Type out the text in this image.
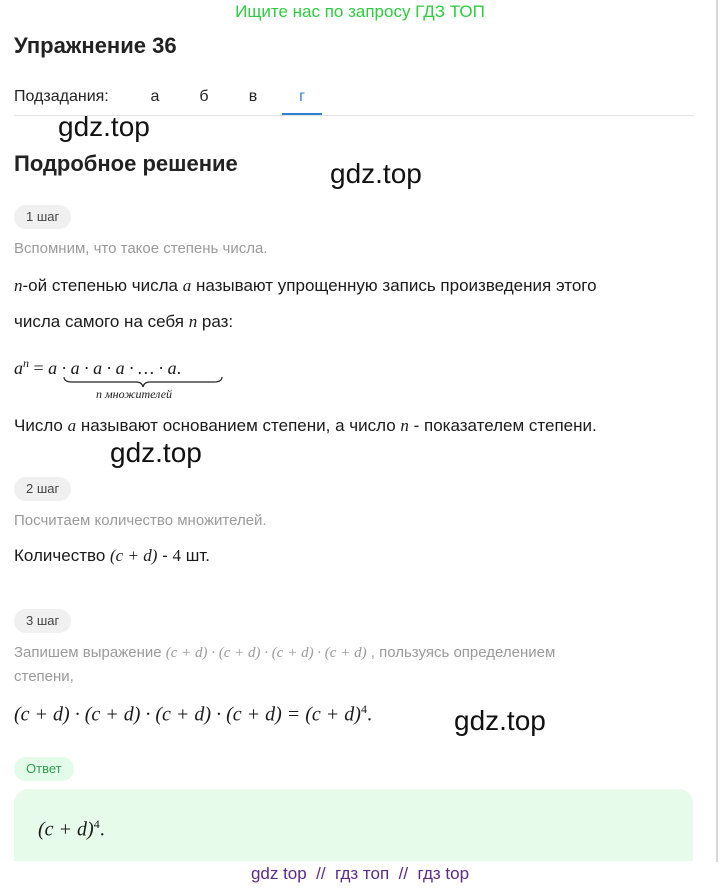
Ищите нас по запросу ГДЗ ТОП
Упражнение 36
Подзадания:	а	б	в	г
gdz.top
gdz.top
Подробное решение
1 шаг
Вспомним, что такое степень числа.
n-ой степенью числа a называют упрощенную запись произведения этого
числа самого на себя n раз:
$a^n = a \cdot a \cdot a \cdot a$ · … · a.
n множителей
Число a называют основанием степени, а число n - показателем степени.
gdz.top
2 шаг
Посчитаем количество множителей.
Количество (c + d) - 4 шт.
3 шаг
Запишем выражение (c + d) · (c + d) · (c + d) · (c + d) , пользуясь определением
степени,
$(c + d) \cdot (c + d) \cdot (c + d) \cdot (c + d) = (c + d)^4$.	gdz.top
Ответ
$(c + d)^4$.
gdz top  //  гдз топ  //  гдз top
